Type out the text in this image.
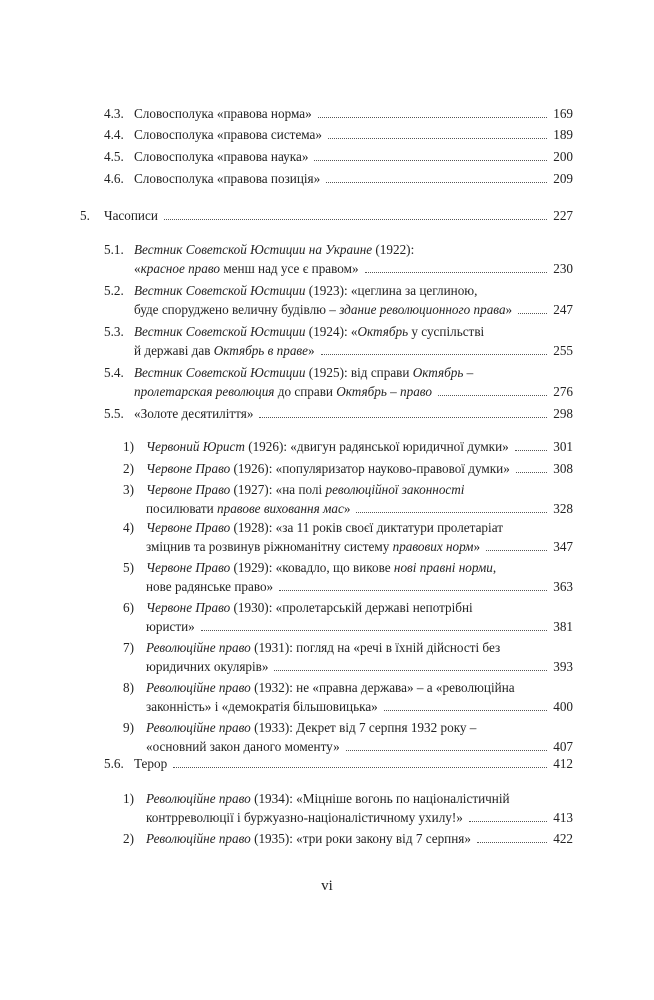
4.3. Словосполука «правова норма»	169
4.4. Словосполука «правова система»	189
4.5. Словосполука «правова наука»	200
4.6. Словосполука «правова позиція»	209
5. Часописи	227
5.1. Вестник Советской Юстиции на Украине (1922):
«красное право менш над усе є правом»	230
5.2. Вестник Советской Юстиции (1923): «цеглина за цеглиною,
буде споруджено величну будівлю – здание революционного права»	247
5.3. Вестник Советской Юстиции (1924): «Октябрь у суспільстві
й державі дав Октябрь в праве»	255
5.4. Вестник Советской Юстиции (1925): від справи Октябрь –
пролетарская революция до справи Октябрь – право	276
5.5. «Золоте десятиліття»	298
1) Червоний Юрист (1926): «двигун радянської юридичної думки»	301
2) Червоне Право (1926): «популяризатор науково-правової думки»	308
3) Червоне Право (1927): «на полі революційної законності
посилювати правове виховання мас»	328
4) Червоне Право (1928): «за 11 років своєї диктатури пролетаріат
зміцнив та розвинув ріжноманітну систему правових норм»	347
5) Червоне Право (1929): «ковадло, що викове нові правні норми,
нове радянське право»	363
6) Червоне Право (1930): «пролетарській державі непотрібні
юристи»	381
7) Революційне право (1931): погляд на «речі в їхній дійсності без
юридичних окулярів»	393
8) Революційне право (1932): не «правна держава» – а «революційна
законність» і «демократія більшовицька»	400
9) Революційне право (1933): Декрет від 7 серпня 1932 року –
«основний закон даного моменту»	407
5.6. Терор	412
1) Революційне право (1934): «Міцніше вогонь по націоналістичній
контрреволюції і буржуазно-націоналістичному ухилу!»	413
2) Революційне право (1935): «три роки закону від 7 серпня»	422
vi
